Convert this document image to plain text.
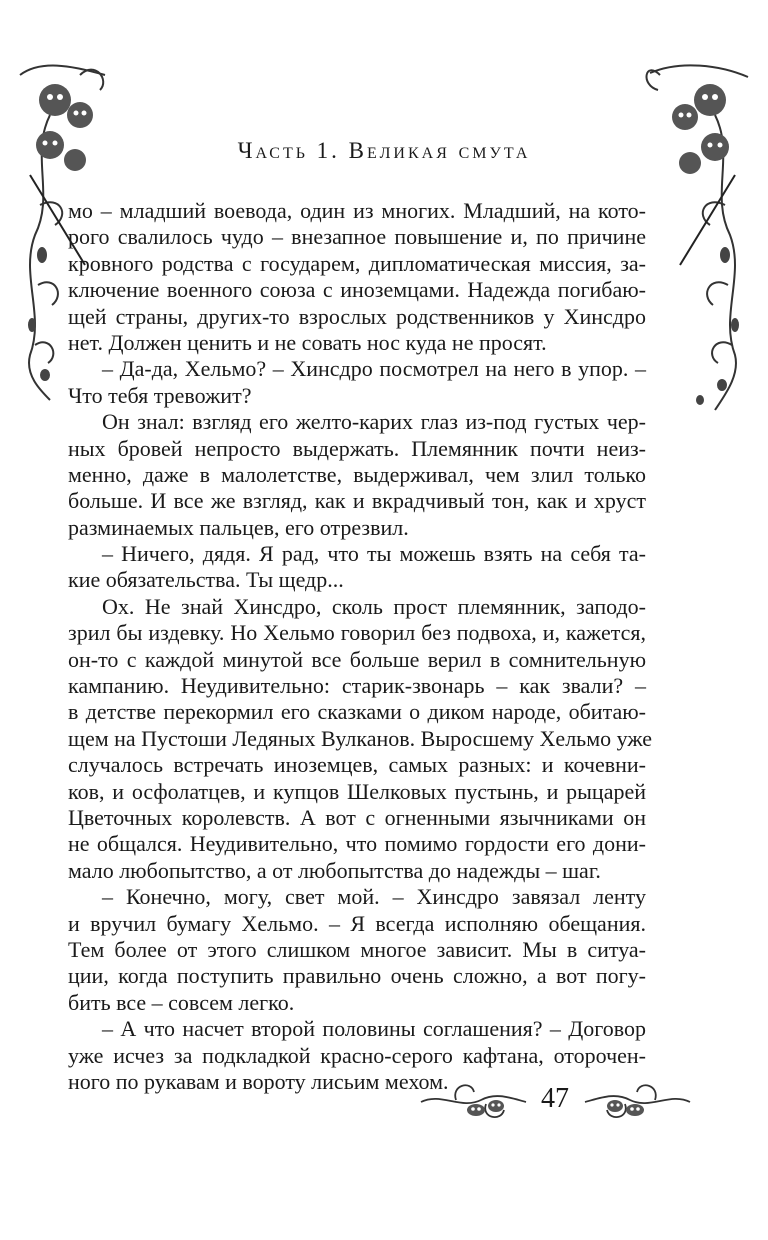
Часть 1. Великая смута
мо – младший воевода, один из многих. Младший, на кото-
рого свалилось чудо – внезапное повышение и, по причине
кровного родства с государем, дипломатическая миссия, за-
ключение военного союза с иноземцами. Надежда погибаю-
щей страны, других-то взрослых родственников у Хинсдро
нет. Должен ценить и не совать нос куда не просят.
– Да-да, Хельмо? – Хинсдро посмотрел на него в упор. –
Что тебя тревожит?
Он знал: взгляд его желто-карих глаз из-под густых чер-
ных бровей непросто выдержать. Племянник почти неиз-
менно, даже в малолетстве, выдерживал, чем злил только
больше. И все же взгляд, как и вкрадчивый тон, как и хруст
разминаемых пальцев, его отрезвил.
– Ничего, дядя. Я рад, что ты можешь взять на себя та-
кие обязательства. Ты щедр...
Ох. Не знай Хинсдро, сколь прост племянник, заподо-
зрил бы издевку. Но Хельмо говорил без подвоха, и, кажется,
он-то с каждой минутой все больше верил в сомнительную
кампанию. Неудивительно: старик-звонарь – как звали? –
в детстве перекормил его сказками о диком народе, обитаю-
щем на Пустоши Ледяных Вулканов. Выросшему Хельмо уже
случалось встречать иноземцев, самых разных: и кочевни-
ков, и осфолатцев, и купцов Шелковых пустынь, и рыцарей
Цветочных королевств. А вот с огненными язычниками он
не общался. Неудивительно, что помимо гордости его дони-
мало любопытство, а от любопытства до надежды – шаг.
– Конечно, могу, свет мой. – Хинсдро завязал ленту
и вручил бумагу Хельмо. – Я всегда исполняю обещания.
Тем более от этого слишком многое зависит. Мы в ситуа-
ции, когда поступить правильно очень сложно, а вот погу-
бить все – совсем легко.
– А что насчет второй половины соглашения? – Договор
уже исчез за подкладкой красно-серого кафтана, оторочен-
ного по рукавам и вороту лисьим мехом.
47
